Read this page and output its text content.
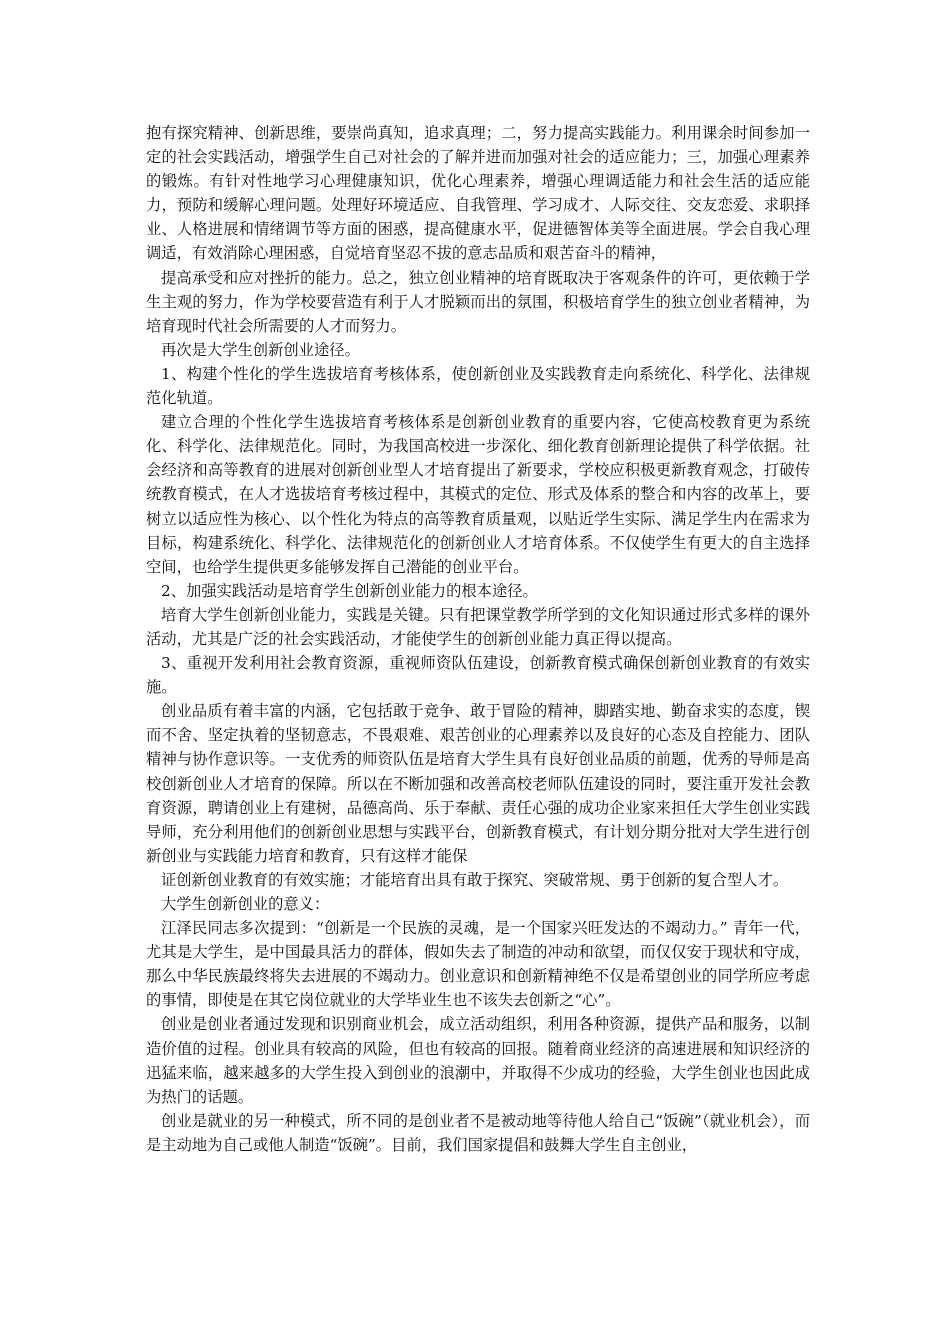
抱有探究精神、创新思维，要崇尚真知，追求真理；二，努力提高实践能力。利用课余时间参加一定的社会实践活动，增强学生自己对社会的了解并进而加强对社会的适应能力；三，加强心理素养的锻炼。有针对性地学习心理健康知识，优化心理素养，增强心理调适能力和社会生活的适应能力，预防和缓解心理问题。处理好环境适应、自我管理、学习成才、人际交往、交友恋爱、求职择业、人格进展和情绪调节等方面的困惑，提高健康水平，促进德智体美等全面进展。学会自我心理调适，有效消除心理困惑，自觉培育坚忍不拔的意志品质和艰苦奋斗的精神，

提高承受和应对挫折的能力。总之，独立创业精神的培育既取决于客观条件的许可，更依赖于学生主观的努力，作为学校要营造有利于人才脱颖而出的氛围，积极培育学生的独立创业者精神，为培育现时代社会所需要的人才而努力。

再次是大学生创新创业途径。

1、构建个性化的学生选拔培育考核体系，使创新创业及实践教育走向系统化、科学化、法律规范化轨道。

建立合理的个性化学生选拔培育考核体系是创新创业教育的重要内容，它使高校教育更为系统化、科学化、法律规范化。同时，为我国高校进一步深化、细化教育创新理论提供了科学依据。社会经济和高等教育的进展对创新创业型人才培育提出了新要求，学校应积极更新教育观念，打破传统教育模式，在人才选拔培育考核过程中，其模式的定位、形式及体系的整合和内容的改革上，要树立以适应性为核心、以个性化为特点的高等教育质量观，以贴近学生实际、满足学生内在需求为目标，构建系统化、科学化、法律规范化的创新创业人才培育体系。不仅使学生有更大的自主选择空间，也给学生提供更多能够发挥自己潜能的创业平台。

2、加强实践活动是培育学生创新创业能力的根本途径。

培育大学生创新创业能力，实践是关键。只有把课堂教学所学到的文化知识通过形式多样的课外活动，尤其是广泛的社会实践活动，才能使学生的创新创业能力真正得以提高。

3、重视开发利用社会教育资源，重视师资队伍建设，创新教育模式确保创新创业教育的有效实施。

创业品质有着丰富的内涵，它包括敢于竞争、敢于冒险的精神，脚踏实地、勤奋求实的态度，锲而不舍、坚定执着的坚韧意志，不畏艰难、艰苦创业的心理素养以及良好的心态及自控能力、团队精神与协作意识等。一支优秀的师资队伍是培育大学生具有良好创业品质的前题，优秀的导师是高校创新创业人才培育的保障。所以在不断加强和改善高校老师队伍建设的同时，要注重开发社会教育资源，聘请创业上有建树，品德高尚、乐于奉献、责任心强的成功企业家来担任大学生创业实践导师，充分利用他们的创新创业思想与实践平台，创新教育模式，有计划分期分批对大学生进行创新创业与实践能力培育和教育，只有这样才能保

证创新创业教育的有效实施；才能培育出具有敢于探究、突破常规、勇于创新的复合型人才。

大学生创新创业的意义：

江泽民同志多次提到：“创新是一个民族的灵魂，是一个国家兴旺发达的不竭动力。” 青年一代，尤其是大学生，是中国最具活力的群体，假如失去了制造的冲动和欲望，而仅仅安于现状和守成，那么中华民族最终将失去进展的不竭动力。创业意识和创新精神绝不仅是希望创业的同学所应考虑的事情，即使是在其它岗位就业的大学毕业生也不该失去创新之“心”。

创业是创业者通过发现和识别商业机会，成立活动组织，利用各种资源，提供产品和服务，以制造价值的过程。创业具有较高的风险，但也有较高的回报。随着商业经济的高速进展和知识经济的迅猛来临，越来越多的大学生投入到创业的浪潮中，并取得不少成功的经验，大学生创业也因此成为热门的话题。

创业是就业的另一种模式，所不同的是创业者不是被动地等待他人给自己“饭碗”（就业机会），而是主动地为自己或他人制造“饭碗”。目前，我们国家提倡和鼓舞大学生自主创业，
